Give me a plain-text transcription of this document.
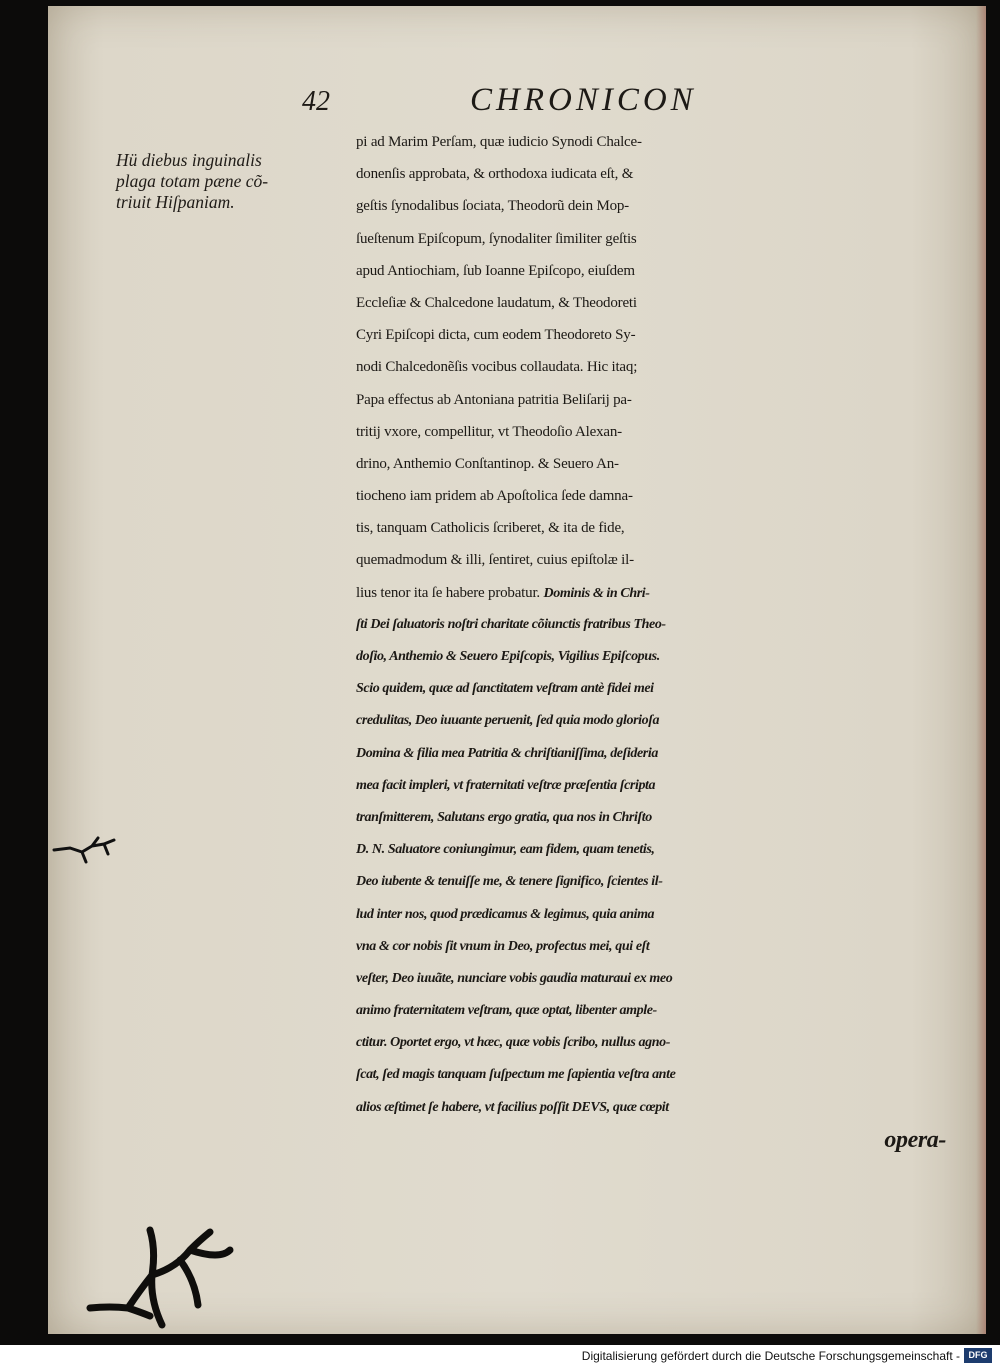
42	CHRONICON
Hü diebus inguinalis
plaga totam pæne cõ-
triuit Hiſpaniam.
pi ad Marim Perſam, quæ iudicio Synodi Chalce-
donenſis approbata, & orthodoxa iudicata eſt, &
geſtis ſynodalibus ſociata, Theodorũ dein Mop-
ſueſtenum Epiſcopum, ſynodaliter ſimiliter geſtis
apud Antiochiam, ſub Ioanne Epiſcopo, eiuſdem
Eccleſiæ & Chalcedone laudatum, & Theodoreti
Cyri Epiſcopi dicta, cum eodem Theodoreto Sy-
nodi Chalcedonẽſis vocibus collaudata. Hic itaq;
Papa effectus ab Antoniana patritia Beliſarij pa-
tritij vxore, compellitur, vt Theodoſio Alexan-
drino, Anthemio Conſtantinop. & Seuero An-
tiocheno iam pridem ab Apoſtolica ſede damna-
tis, tanquam Catholicis ſcriberet, & ita de fide,
quemadmodum & illi, ſentiret, cuius epiſtolæ il-
lius tenor ita ſe habere probatur. Dominis & in Chri-
ſti Dei ſaluatoris noſtri charitate cõiunctis fratribus Theo-
doſio, Anthemio & Seuero Epiſcopis, Vigilius Epiſcopus.
Scio quidem, quæ ad ſanctitatem veſtram antè fidei mei
credulitas, Deo iuuante peruenit, ſed quia modo glorioſa
Domina & filia mea Patritia & chriſtianiſſima, deſideria
mea facit impleri, vt fraternitati veſtræ præſentia ſcripta
tranſmitterem, Salutans ergo gratia, qua nos in Chriſto
D. N. Saluatore coniungimur, eam fidem, quam tenetis,
Deo iubente & tenuiſſe me, & tenere ſignifico, ſcientes il-
lud inter nos, quod prædicamus & legimus, quia anima
vna & cor nobis ſit vnum in Deo, profectus mei, qui eſt
veſter, Deo iuuãte, nunciare vobis gaudia maturaui ex meo
animo fraternitatem veſtram, quæ optat, libenter ample-
ctitur. Oportet ergo, vt hæc, quæ vobis ſcribo, nullus agno-
ſcat, ſed magis tanquam ſuſpectum me ſapientia veſtra ante
alios æſtimet ſe habere, vt facilius poſſit DEVS, quæ cœpit
opera-
Digitalisierung gefördert durch die Deutsche Forschungsgemeinschaft - DFG
